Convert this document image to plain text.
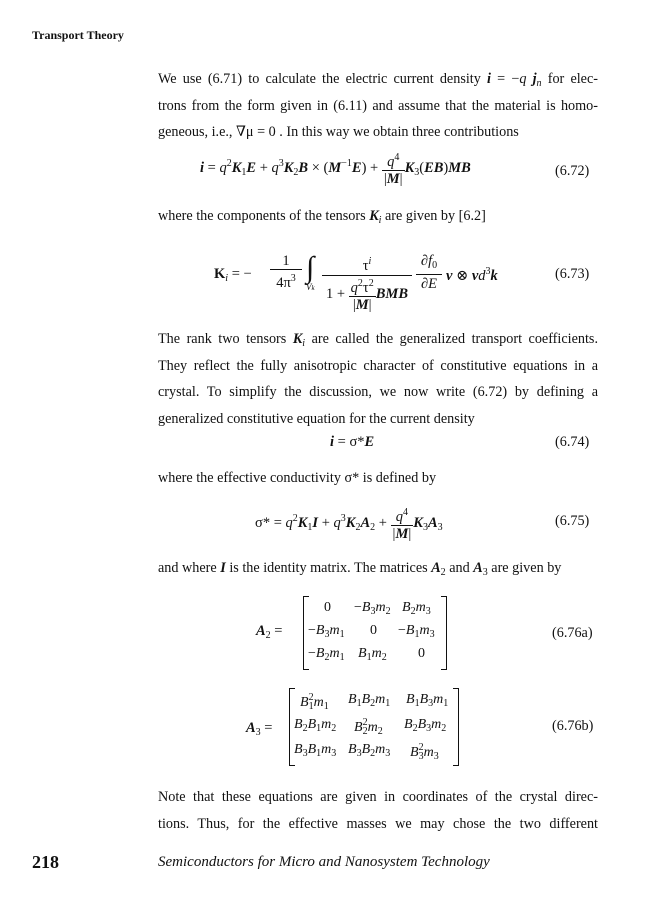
Transport Theory
We use (6.71) to calculate the electric current density i = −q $j_n$ for elec-
trons from the form given in (6.11) and assume that the material is homo-
geneous, i.e., ∇μ = 0 . In this way we obtain three contributions
$i = q^2K_1E + q^3K_2B \times (M^{-1}E) + \frac{q^4}{|M|} K_3(EB)MB$	(6.72)
where the components of the tensors $K_i$ are given by [6.2]
$K_i$ = −
1
$4\pi^3$ ∫
Vk
$\tau^i$
$1 + \frac{q^2\tau^2}{|M|}$ BMB
$\partial f_0$
∂E v ⊗ $vd^3k$	(6.73)
The rank two tensors $K_i$ are called the generalized transport coefficients.
They reflect the fully anisotropic character of constitutive equations in a
crystal. To simplify the discussion, we now write (6.72) by defining a
generalized constitutive equation for the current density
i = σ*E	(6.74)
where the effective conductivity σ* is defined by
$\sigma* = q^2K_1I + q^3K_2A_2 + \frac{q^4}{|M|} K_3A_3$	(6.75)
and where I is the identity matrix. The matrices $A_2$ and $A_3$ are given by
$A_2$ =
$0 -B_3m_2$ $B_2m_3$
$-B_3m_1$ $0 -B_1m_3$
$-B_2m_1$ $B_1m_2$ 0
(6.76a)
$A_3$ =
$B^2_1m_1$ $B_1B_2m_1$ $B_1B_3m_1$
$B_2B_1m_2$ $B^2_2m_2$ $B_2B_3m_2$
$B_3B_1m_3$ $B_3B_2m_3$ $B^2_3m_3$
(6.76b)
Note that these equations are given in coordinates of the crystal direc-
tions. Thus, for the effective masses we may chose the two different
218	Semiconductors for Micro and Nanosystem Technology
